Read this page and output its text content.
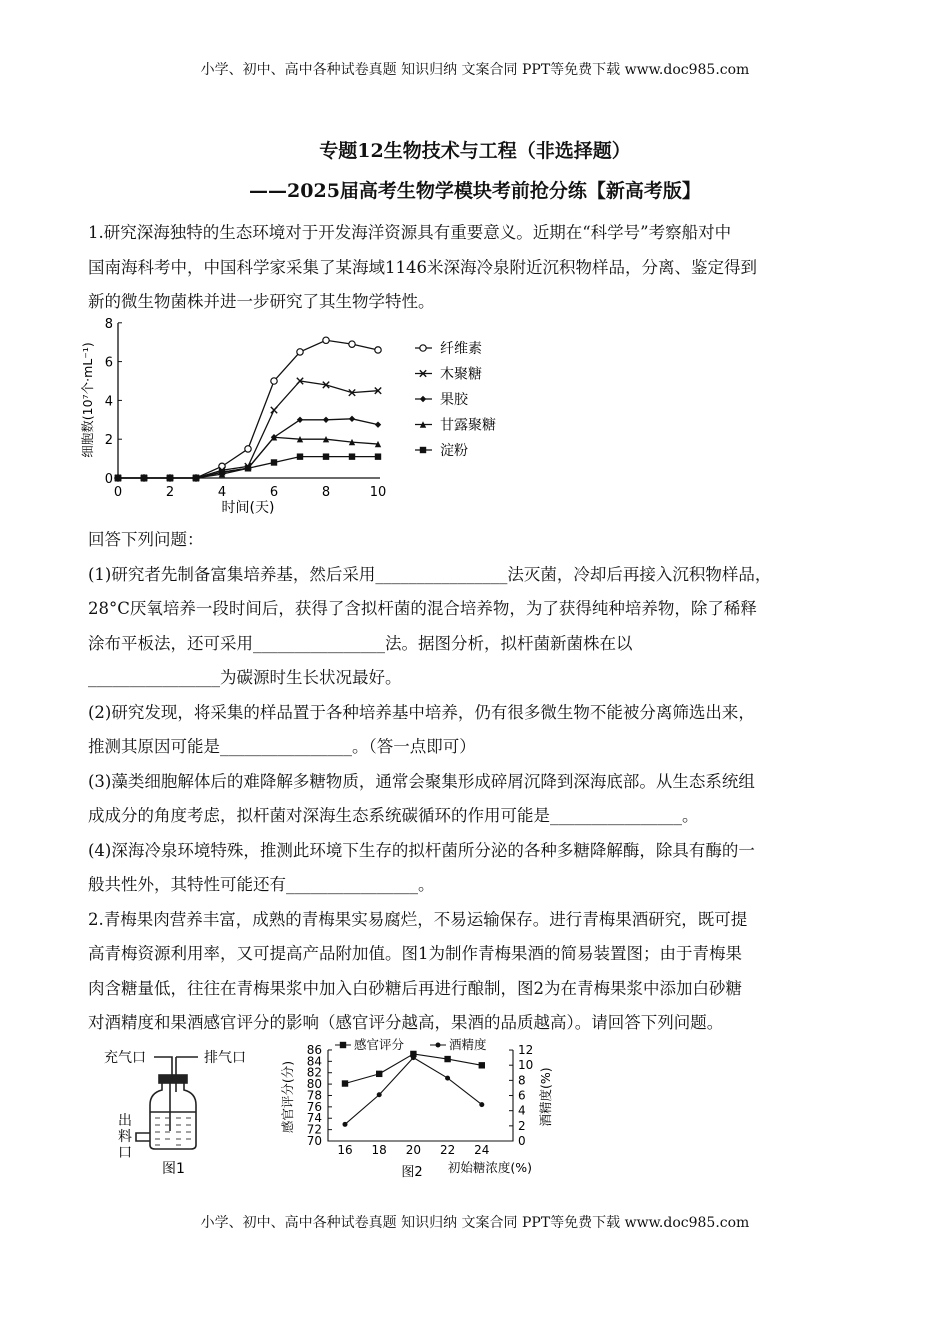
小学、初中、高中各种试卷真题 知识归纳 文案合同 PPT等免费下载 www.doc985.com
专题12生物技术与工程（非选择题）
——2025届高考生物学模块考前抢分练【新高考版】
1.研究深海独特的生态环境对于开发海洋资源具有重要意义。近期在“科学号”考察船对中
国南海科考中，中国科学家采集了某海域1146米深海冷泉附近沉积物样品，分离、鉴定得到
新的微生物菌株并进一步研究了其生物学特性。
0
2
4
6
8
0	2	4	6	8	10
时间(天)
细胞数(10⁷个·mL⁻¹)	纤维素
木聚糖
果胶
甘露聚糖
淀粉
回答下列问题：
(1)研究者先制备富集培养基，然后采用________________法灭菌，冷却后再接入沉积物样品，
28°C厌氧培养一段时间后，获得了含拟杆菌的混合培养物，为了获得纯种培养物，除了稀释
涂布平板法，还可采用________________法。据图分析，拟杆菌新菌株在以
________________为碳源时生长状况最好。
(2)研究发现，将采集的样品置于各种培养基中培养，仍有很多微生物不能被分离筛选出来，
推测其原因可能是________________。（答一点即可）
(3)藻类细胞解体后的难降解多糖物质，通常会聚集形成碎屑沉降到深海底部。从生态系统组
成成分的角度考虑，拟杆菌对深海生态系统碳循环的作用可能是________________。
(4)深海冷泉环境特殊，推测此环境下生存的拟杆菌所分泌的各种多糖降解酶，除具有酶的一
般共性外，其特性可能还有________________。
2.青梅果肉营养丰富，成熟的青梅果实易腐烂，不易运输保存。进行青梅果酒研究，既可提
高青梅资源利用率，又可提高产品附加值。图1为制作青梅果酒的简易装置图；由于青梅果
肉含糖量低，往往在青梅果浆中加入白砂糖后再进行酿制，图2为在青梅果浆中添加白砂糖
对酒精度和果酒感官评分的影响（感官评分越高，果酒的品质越高）。请回答下列问题。
充气口	排气口
出
料
口
图1
70
72
74
76
78
80
82
84
86
0
2
4
6
8
10
12
16 18 20 22 24
初始糖浓度(%)
图2
感官评分(分)	酒精度(%)
感官评分	酒精度
小学、初中、高中各种试卷真题 知识归纳 文案合同 PPT等免费下载 www.doc985.com
